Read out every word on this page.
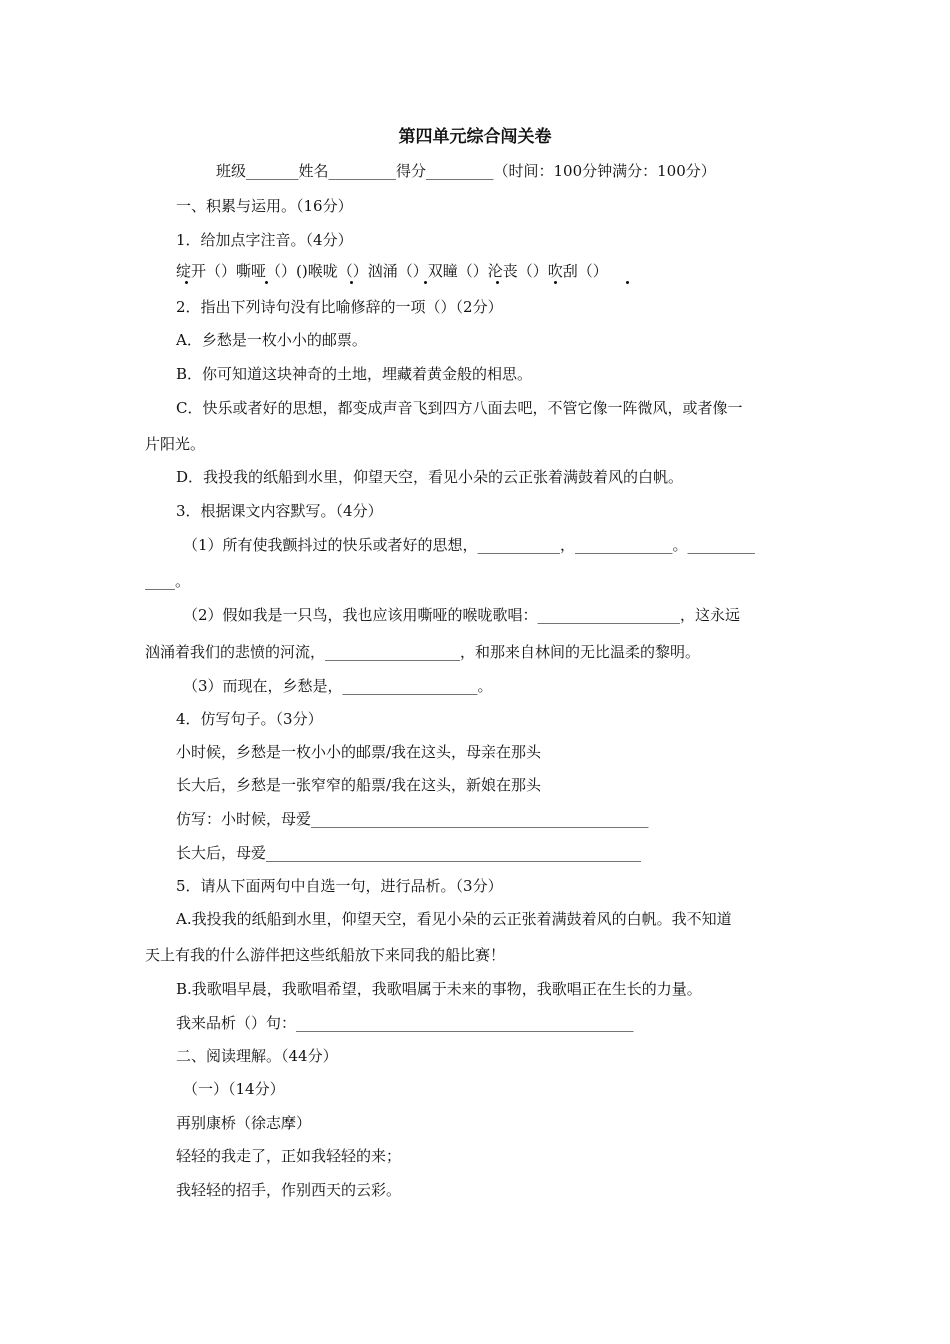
第四单元综合闯关卷
班级_______姓名_________得分_________（时间：100分钟满分：100分）
一、积累与运用。（16分）
1．给加点字注音。（4分）
绽开（）嘶哑（）()喉咙（）汹涌（）双瞳（）沦丧（）吹刮（）
2．指出下列诗句没有比喻修辞的一项（）（2分）
A．乡愁是一枚小小的邮票。
B．你可知道这块神奇的土地，埋藏着黄金般的相思。
C．快乐或者好的思想，都变成声音飞到四方八面去吧，不管它像一阵微风，或者像一
片阳光。
D．我投我的纸船到水里，仰望天空，看见小朵的云正张着满鼓着风的白帆。
3．根据课文内容默写。（4分）
（1）所有使我颤抖过的快乐或者好的思想，___________，_____________。_________
____。
（2）假如我是一只鸟，我也应该用嘶哑的喉咙歌唱：___________________，这永远
汹涌着我们的悲愤的河流，__________________，和那来自林间的无比温柔的黎明。
（3）而现在，乡愁是，__________________。
4．仿写句子。（3分）
小时候，乡愁是一枚小小的邮票/我在这头，母亲在那头
长大后，乡愁是一张窄窄的船票/我在这头，新娘在那头
仿写：小时候，母爱_____________________________________________
长大后，母爱__________________________________________________
5．请从下面两句中自选一句，进行品析。（3分）
A.我投我的纸船到水里，仰望天空，看见小朵的云正张着满鼓着风的白帆。我不知道
天上有我的什么游伴把这些纸船放下来同我的船比赛！
B.我歌唱早晨，我歌唱希望，我歌唱属于未来的事物，我歌唱正在生长的力量。
我来品析（）句：_____________________________________________
二、阅读理解。（44分）
（一）（14分）
再别康桥（徐志摩）
轻轻的我走了，正如我轻轻的来；
我轻轻的招手，作别西天的云彩。
